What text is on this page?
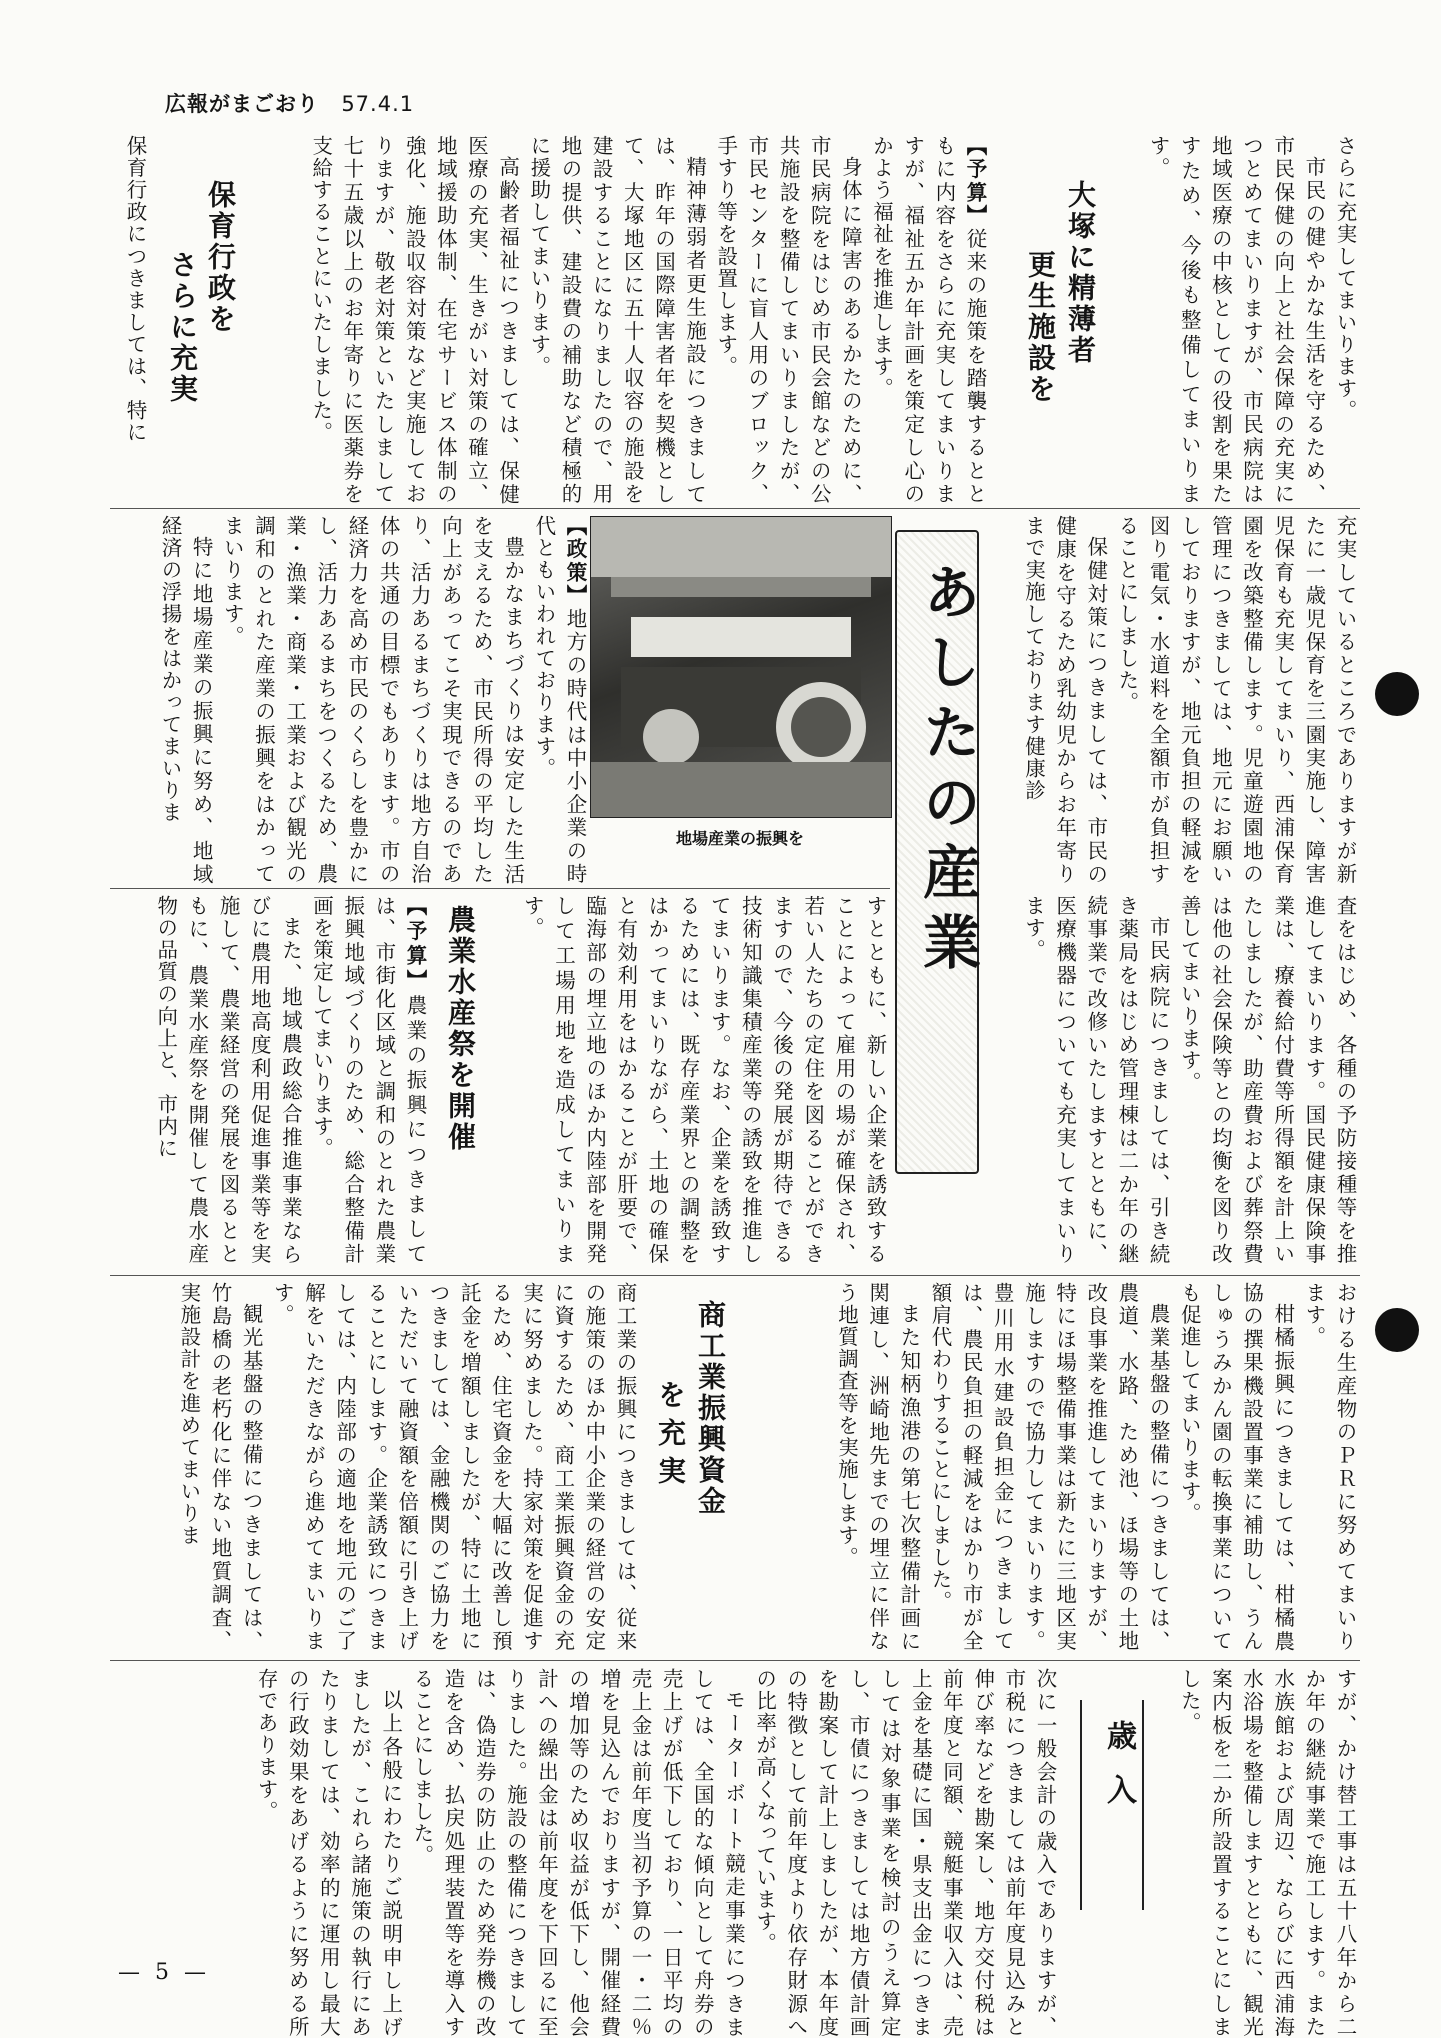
広報がまごおり 57.4.1

さらに充実してまいります。

市民の健やかな生活を守るため、市民保健の向上と社会保障の充実につとめてまいりますが、市民病院は地域医療の中核としての役割を果たすため、今後も整備してまいります。

大塚に精薄者
更生施設を

【予算】従来の施策を踏襲するとともに内容をさらに充実してまいりますが、福祉五か年計画を策定し心のかよう福祉を推進します。

身体に障害のあるかたのために、市民病院をはじめ市民会館などの公共施設を整備してまいりましたが、市民センターに盲人用のブロック、手すり等を設置します。

精神薄弱者更生施設につきましては、昨年の国際障害者年を契機として、大塚地区に五十人収容の施設を建設することになりましたので、用地の提供、建設費の補助など積極的に援助してまいります。

高齢者福祉につきましては、保健医療の充実、生きがい対策の確立、地域援助体制、在宅サービス体制の強化、施設収容対策など実施しておりますが、敬老対策といたしまして七十五歳以上のお年寄りに医薬券を支給することにいたしました。

保育行政を
さらに充実

保育行政につきましては、特に

充実しているところでありますが新たに一歳児保育を三園実施し、障害児保育も充実してまいり、西浦保育園を改築整備します。児童遊園地の管理につきましては、地元にお願いしておりますが、地元負担の軽減を図り電気・水道料を全額市が負担することにしました。

保健対策につきましては、市民の健康を守るため乳幼児からお年寄りまで実施しております健康診

あしたの産業
地場産業の振興を

【政策】地方の時代は中小企業の時代ともいわれております。

豊かなまちづくりは安定した生活を支えるため、市民所得の平均した向上があってこそ実現できるのであり、活力あるまちづくりは地方自治体の共通の目標でもあります。市の経済力を高め市民のくらしを豊かにし、活力あるまちをつくるため、農業・漁業・商業・工業および観光の調和のとれた産業の振興をはかってまいります。

特に地場産業の振興に努め、地域経済の浮揚をはかってまいりま

査をはじめ、各種の予防接種等を推進してまいります。国民健康保険事業は、療養給付費等所得額を計上いたしましたが、助産費および葬祭費は他の社会保険等との均衡を図り改善してまいります。

市民病院につきましては、引き続き薬局をはじめ管理棟は二か年の継続事業で改修いたしますとともに、医療機器についても充実してまいります。

すとともに、新しい企業を誘致することによって雇用の場が確保され、若い人たちの定住を図ることができますので、今後の発展が期待できる技術知識集積産業等の誘致を推進してまいります。なお、企業を誘致するためには、既存産業界との調整をはかってまいりながら、土地の確保と有効利用をはかることが肝要で、臨海部の埋立地のほか内陸部を開発して工場用地を造成してまいります。

農業水産祭を開催

【予算】農業の振興につきましては、市街化区域と調和のとれた農業振興地域づくりのため、総合整備計画を策定してまいります。

また、地域農政総合推進事業ならびに農用地高度利用促進事業等を実施して、農業経営の発展を図るとともに、農業水産祭を開催して農水産物の品質の向上と、市内に

おける生産物のＰＲに努めてまいります。

柑橘振興につきましては、柑橘農協の撰果機設置事業に補助し、うんしゅうみかん園の転換事業についても促進してまいります。

農業基盤の整備につきましては、農道、水路、ため池、ほ場等の土地改良事業を推進してまいりますが、特にほ場整備事業は新たに三地区実施しますので協力してまいります。豊川用水建設負担金につきましては、農民負担の軽減をはかり市が全額肩代わりすることにしました。

また知柄漁港の第七次整備計画に関連し、洲崎地先までの埋立に伴なう地質調査等を実施します。

商工業振興資金
を充実

商工業の振興につきましては、従来の施策のほか中小企業の経営の安定に資するため、商工業振興資金の充実に努めました。持家対策を促進するため、住宅資金を大幅に改善し預託金を増額しましたが、特に土地につきましては、金融機関のご協力をいただいて融資額を倍額に引き上げることにします。企業誘致につきましては、内陸部の適地を地元のご了解をいただきながら進めてまいります。

観光基盤の整備につきましては、竹島橋の老朽化に伴ない地質調査、実施設計を進めてまいりま

すが、かけ替工事は五十八年から二か年の継続事業で施工します。また水族館および周辺、ならびに西浦海水浴場を整備しますとともに、観光案内板を二か所設置することにしました。

歳入

次に一般会計の歳入でありますが、市税につきましては前年度見込みと伸び率などを勘案し、地方交付税は前年度と同額、競艇事業収入は、売上金を基礎に国・県支出金につきましては対象事業を検討のうえ算定し、市債につきましては地方債計画を勘案して計上しましたが、本年度の特徴として前年度より依存財源への比率が高くなっています。

モーターボート競走事業につきましては、全国的な傾向として舟券の売上げが低下しており、一日平均の売上金は前年度当初予算の一・二％増を見込んでおりますが、開催経費の増加等のため収益が低下し、他会計への繰出金は前年度を下回るに至りました。施設の整備につきましては、偽造券の防止のため発券機の改造を含め、払戻処理装置等を導入することにしました。

以上各般にわたりご説明申し上げましたが、これら諸施策の執行にあたりましては、効率的に運用し最大の行政効果をあげるように努める所存であります。

— 5 —
